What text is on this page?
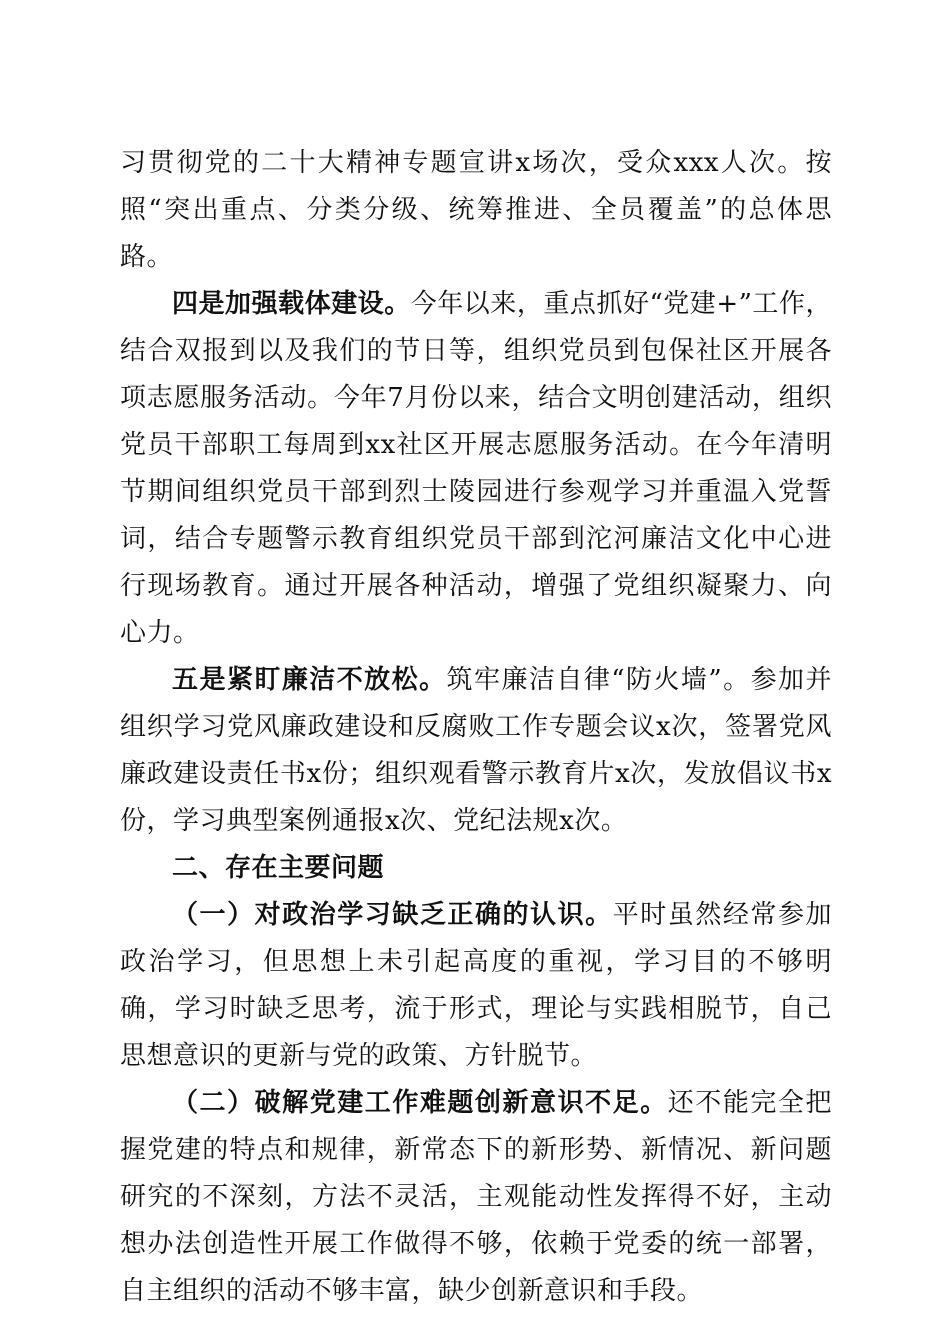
习贯彻党的二十大精神专题宣讲x场次，受众xxx人次。按照“突出重点、分类分级、统筹推进、全员覆盖”的总体思路。

四是加强载体建设。今年以来，重点抓好“党建+”工作，结合双报到以及我们的节日等，组织党员到包保社区开展各项志愿服务活动。今年7月份以来，结合文明创建活动，组织党员干部职工每周到xx社区开展志愿服务活动。在今年清明节期间组织党员干部到烈士陵园进行参观学习并重温入党誓词，结合专题警示教育组织党员干部到沱河廉洁文化中心进行现场教育。通过开展各种活动，增强了党组织凝聚力、向心力。

五是紧盯廉洁不放松。筑牢廉洁自律“防火墙”。参加并组织学习党风廉政建设和反腐败工作专题会议x次，签署党风廉政建设责任书x份；组织观看警示教育片x次，发放倡议书x份，学习典型案例通报x次、党纪法规x次。

二、存在主要问题

（一）对政治学习缺乏正确的认识。平时虽然经常参加政治学习，但思想上未引起高度的重视，学习目的不够明确，学习时缺乏思考，流于形式，理论与实践相脱节，自己思想意识的更新与党的政策、方针脱节。

（二）破解党建工作难题创新意识不足。还不能完全把握党建的特点和规律，新常态下的新形势、新情况、新问题研究的不深刻，方法不灵活，主观能动性发挥得不好，主动想办法创造性开展工作做得不够，依赖于党委的统一部署，自主组织的活动不够丰富，缺少创新意识和手段。
